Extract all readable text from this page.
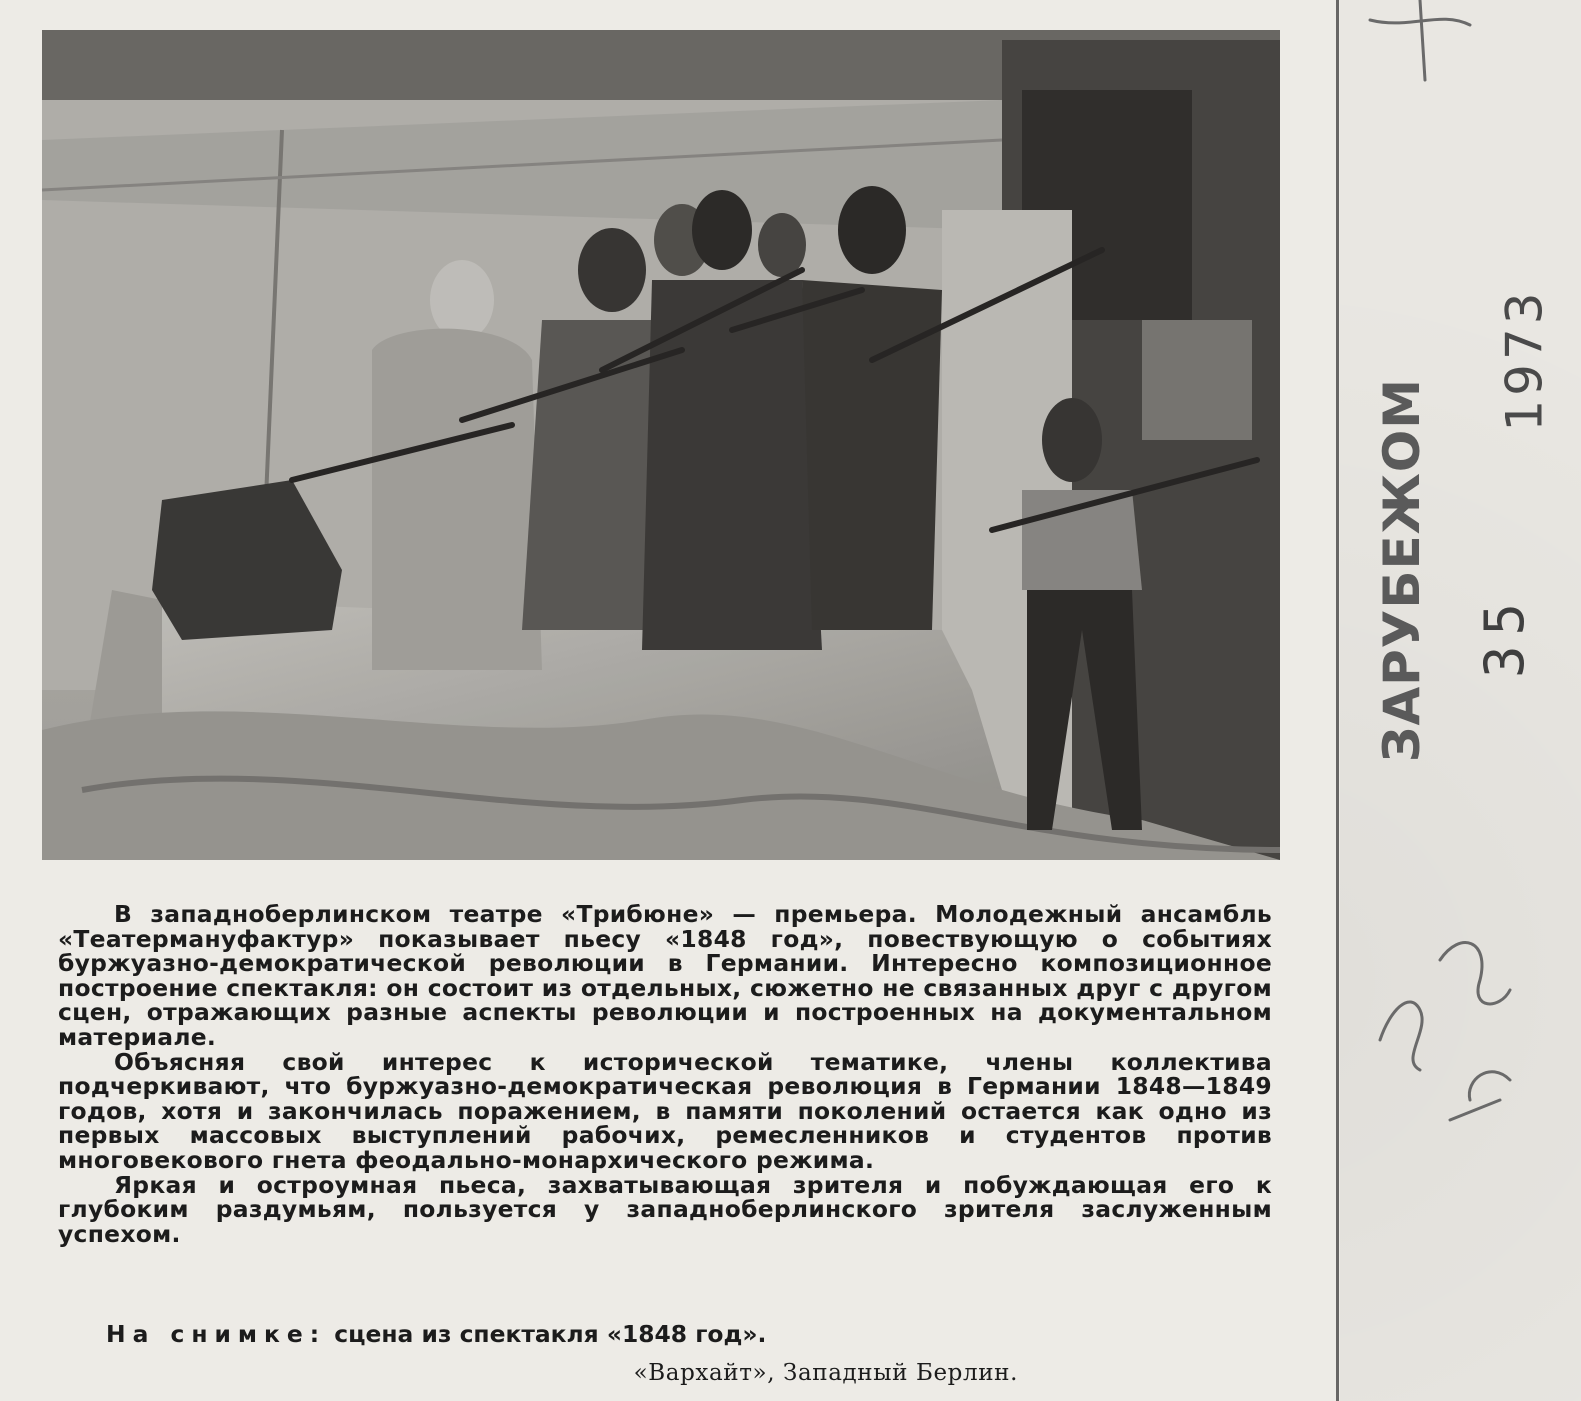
В западноберлинском театре «Трибюне» — премьера. Молодежный ансамбль «Театермануфактур» показывает пьесу «1848 год», повествующую о событиях буржуазно-демократической революции в Германии. Интересно композиционное построение спектакля: он состоит из отдельных, сюжетно не связанных друг с другом сцен, отражающих разные аспекты революции и построенных на документальном материале.

Объясняя свой интерес к исторической тематике, члены коллектива подчеркивают, что буржуазно-демократическая революция в Германии 1848—1849 годов, хотя и закончилась поражением, в памяти поколений остается как одно из первых массовых выступлений рабочих, ремесленников и студентов против многовекового гнета феодально-монархического режима.

Яркая и остроумная пьеса, захватывающая зрителя и побуждающая его к глубоким раздумьям, пользуется у западноберлинского зрителя заслуженным успехом.

На снимке: сцена из спектакля «1848 год».
«Вархайт», Западный Берлин.
ЗАРУБЕЖОМ 35
1973
